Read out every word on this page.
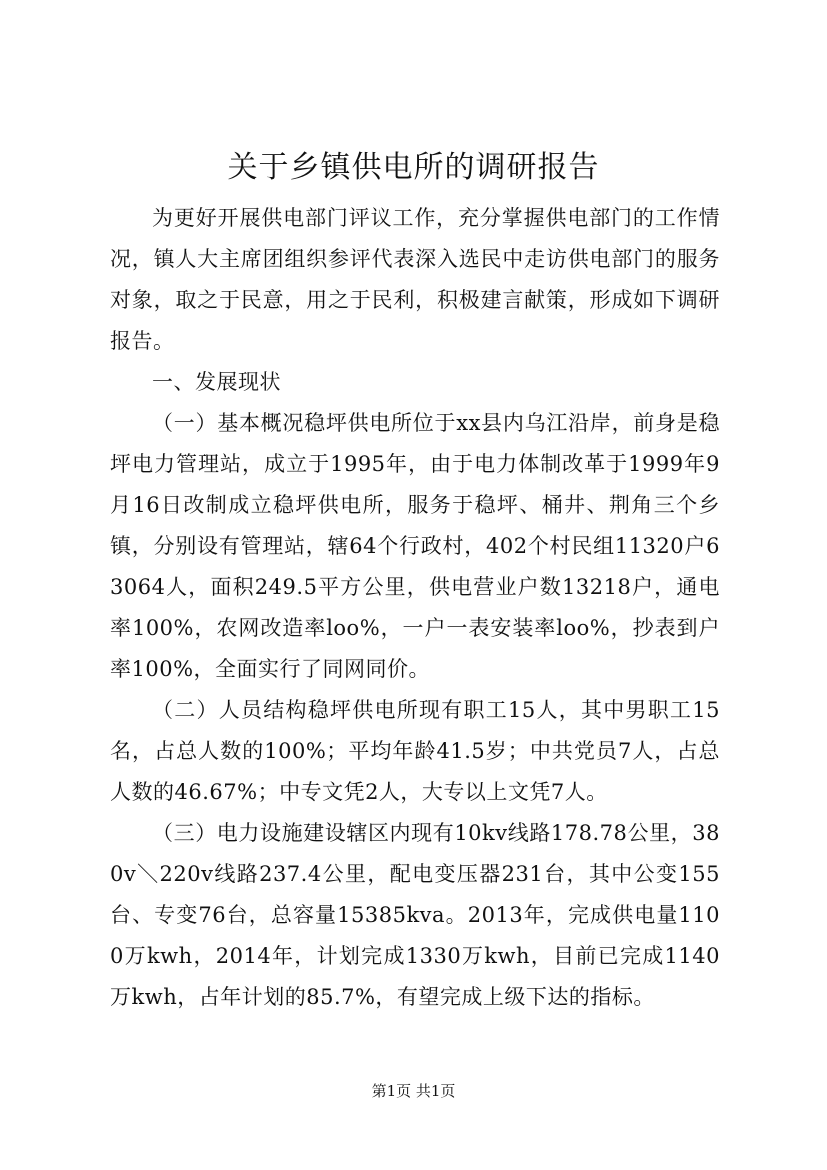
关于乡镇供电所的调研报告

为更好开展供电部门评议工作，充分掌握供电部门的工作情况，镇人大主席团组织参评代表深入选民中走访供电部门的服务对象，取之于民意，用之于民利，积极建言献策，形成如下调研报告。

一、发展现状

（一）基本概况稳坪供电所位于xx县内乌江沿岸，前身是稳坪电力管理站，成立于1995年，由于电力体制改革于1999年9月16日改制成立稳坪供电所，服务于稳坪、桶井、荆角三个乡镇，分别设有管理站，辖64个行政村，402个村民组11320户63064人，面积249.5平方公里，供电营业户数13218户，通电率100%，农网改造率loo%，一户一表安装率loo%，抄表到户率100%，全面实行了同网同价。

（二）人员结构稳坪供电所现有职工15人，其中男职工15名，占总人数的100%；平均年龄41.5岁；中共党员7人，占总人数的46.67%；中专文凭2人，大专以上文凭7人。

（三）电力设施建设辖区内现有10kv线路178.78公里，380v＼220v线路237.4公里，配电变压器231台，其中公变155台、专变76台，总容量15385kva。2013年，完成供电量1100万kwh，2014年，计划完成1330万kwh，目前已完成1140万kwh，占年计划的85.7%，有望完成上级下达的指标。

第1页 共1页
